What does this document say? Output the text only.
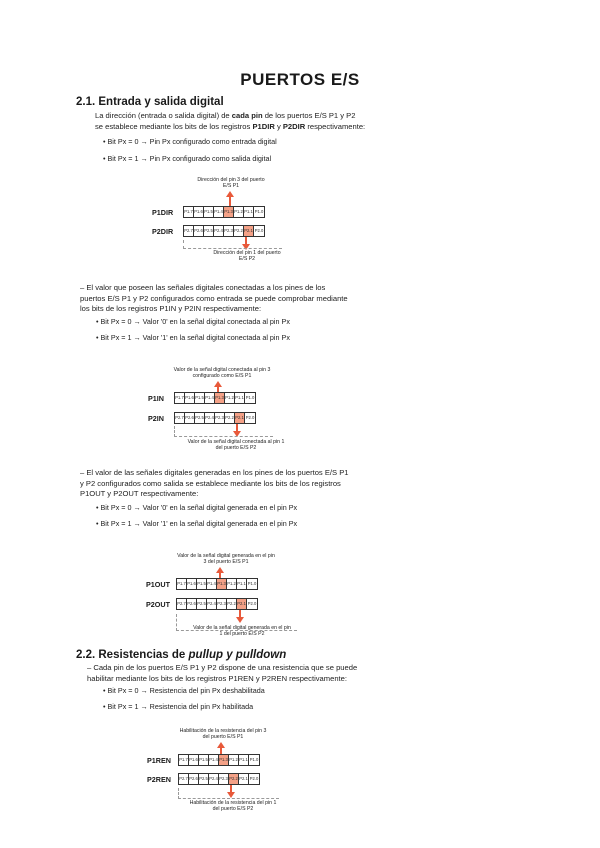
PUERTOS E/S
2.1. Entrada y salida digital
La dirección (entrada o salida digital) de cada pin de los puertos E/S P1 y P2
se establece mediante los bits de los registros P1DIR y P2DIR respectivamente:
• Bit Px = 0 → Pin Px configurado como entrada digital
• Bit Px = 1 → Pin Px configurado como salida digital
Dirección del pin 3 del puerto E/S P1
P1DIR	P1.7 P1.6 P1.5 P1.4 P1.3 P1.2 P1.1 P1.0
P2DIR	P2.7 P2.6 P2.5 P2.4 P2.3 P2.2 P2.1 P2.0
Dirección del pin 1 del puerto E/S P2
– El valor que poseen las señales digitales conectadas a los pines de los
puertos E/S P1 y P2 configurados como entrada se puede comprobar mediante
los bits de los registros P1IN y P2IN respectivamente:
• Bit Px = 0 → Valor '0' en la señal digital conectada al pin Px
• Bit Px = 1 → Valor '1' en la señal digital conectada al pin Px
Valor de la señal digital conectada al pin 3 configurado como E/S P1
P1IN	P1.7 P1.6 P1.5 P1.4 P1.3 P1.2 P1.1 P1.0
P2IN	P2.7 P2.6 P2.5 P2.4 P2.3 P2.2 P2.1 P2.0
Valor de la señal digital conectada al pin 1 del puerto E/S P2
– El valor de las señales digitales generadas en los pines de los puertos E/S P1
y P2 configurados como salida se establece mediante los bits de los registros
P1OUT y P2OUT respectivamente:
• Bit Px = 0 → Valor '0' en la señal digital generada en el pin Px
• Bit Px = 1 → Valor '1' en la señal digital generada en el pin Px
Valor de la señal digital generada en el pin 3 del puerto E/S P1
P1OUT P1.7 P1.6 P1.5 P1.4 P1.3 P1.2 P1.1 P1.0
P2OUT P2.7 P2.6 P2.5 P2.4 P2.3 P2.2 P2.1 P2.0
Valor de la señal digital generada en el pin 1 del puerto E/S P2
2.2. Resistencias de pullup y pulldown
– Cada pin de los puertos E/S P1 y P2 dispone de una resistencia que se puede
habilitar mediante los bits de los registros P1REN y P2REN respectivamente:
• Bit Px = 0 → Resistencia del pin Px deshabilitada
• Bit Px = 1 → Resistencia del pin Px habilitada
Habilitación de la resistencia del pin 3 del puerto E/S P1
P1REN P1.7 P1.6 P1.5 P1.4 P1.3 P1.2 P1.1 P1.0
P2REN P2.7 P2.6 P2.5 P2.4 P2.3 P2.2 P2.1 P2.0
Habilitación de la resistencia del pin 1 del puerto E/S P2
